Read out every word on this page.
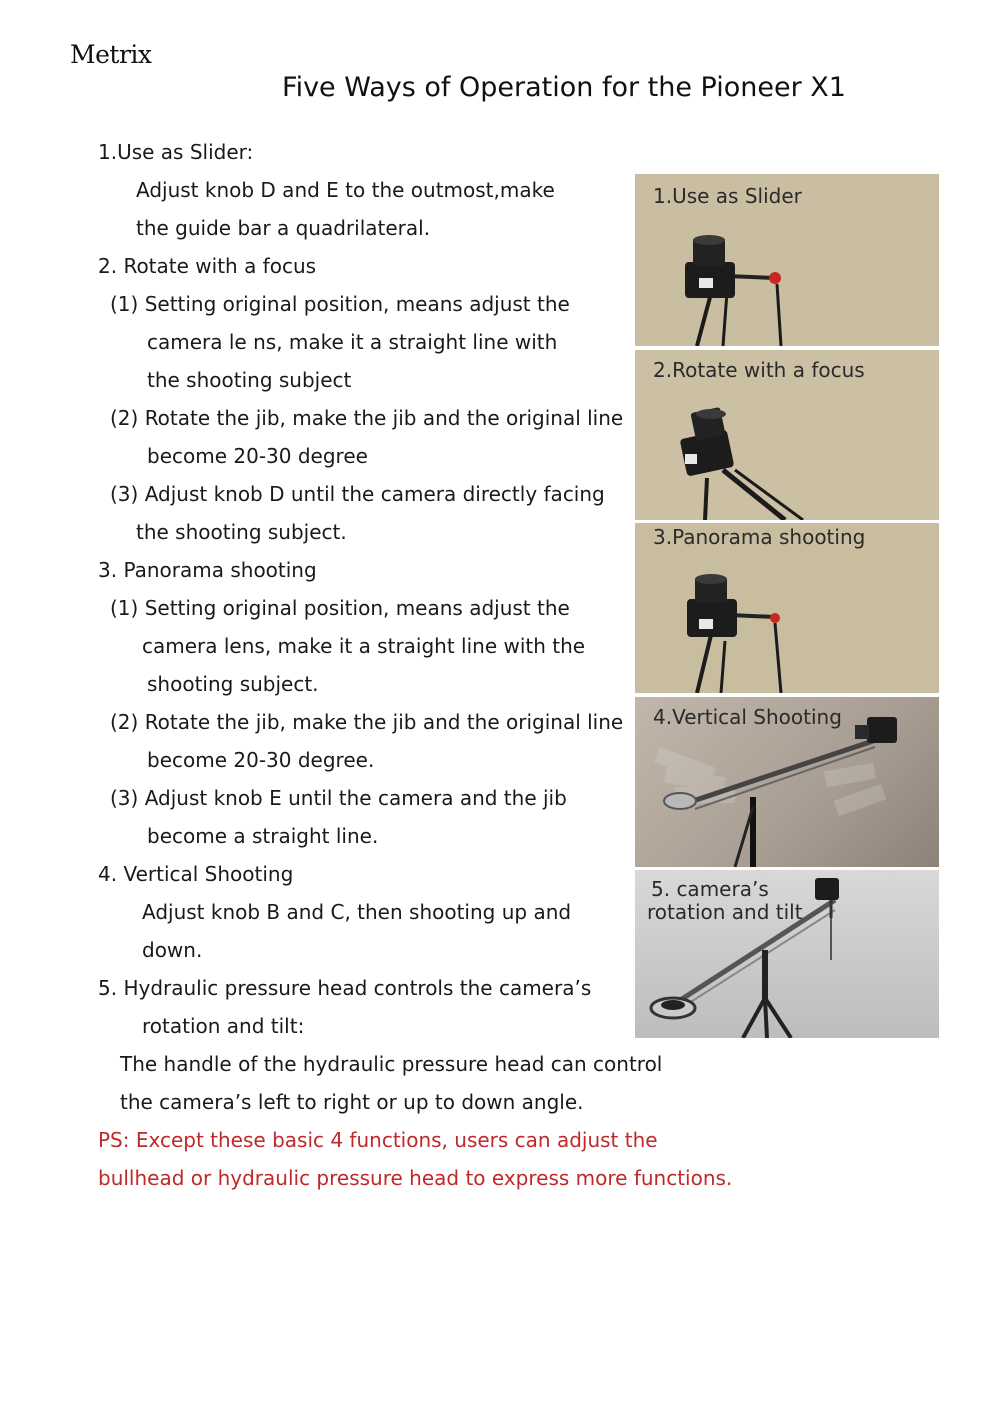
Metrix
Five Ways of Operation for the Pioneer X1
1.Use as Slider:
Adjust knob D and E to the outmost,make
the guide bar a quadrilateral.
2. Rotate with a focus
(1) Setting original position, means adjust the
camera le ns, make it a straight line with
the shooting subject
(2) Rotate the jib, make the jib and the original line
become 20-30 degree
(3) Adjust knob D until the camera directly facing
the shooting subject.
3. Panorama shooting
(1) Setting original position, means adjust the
camera lens, make it a straight line with the
shooting subject.
(2) Rotate the jib, make the jib and the original line
become 20-30 degree.
(3) Adjust knob E until the camera and the jib
become a straight line.
4. Vertical Shooting
Adjust knob B and C, then shooting up and
down.
5. Hydraulic pressure head controls the camera’s
rotation and tilt:
The handle of the hydraulic pressure head can control
the camera’s left to right or up to down angle.
PS: Except these basic 4 functions, users can adjust the
bullhead or hydraulic pressure head to express more functions.
1.Use as Slider
2.Rotate with a focus
3.Panorama shooting
4.Vertical Shooting
5. camera’s
rotation and tilt
